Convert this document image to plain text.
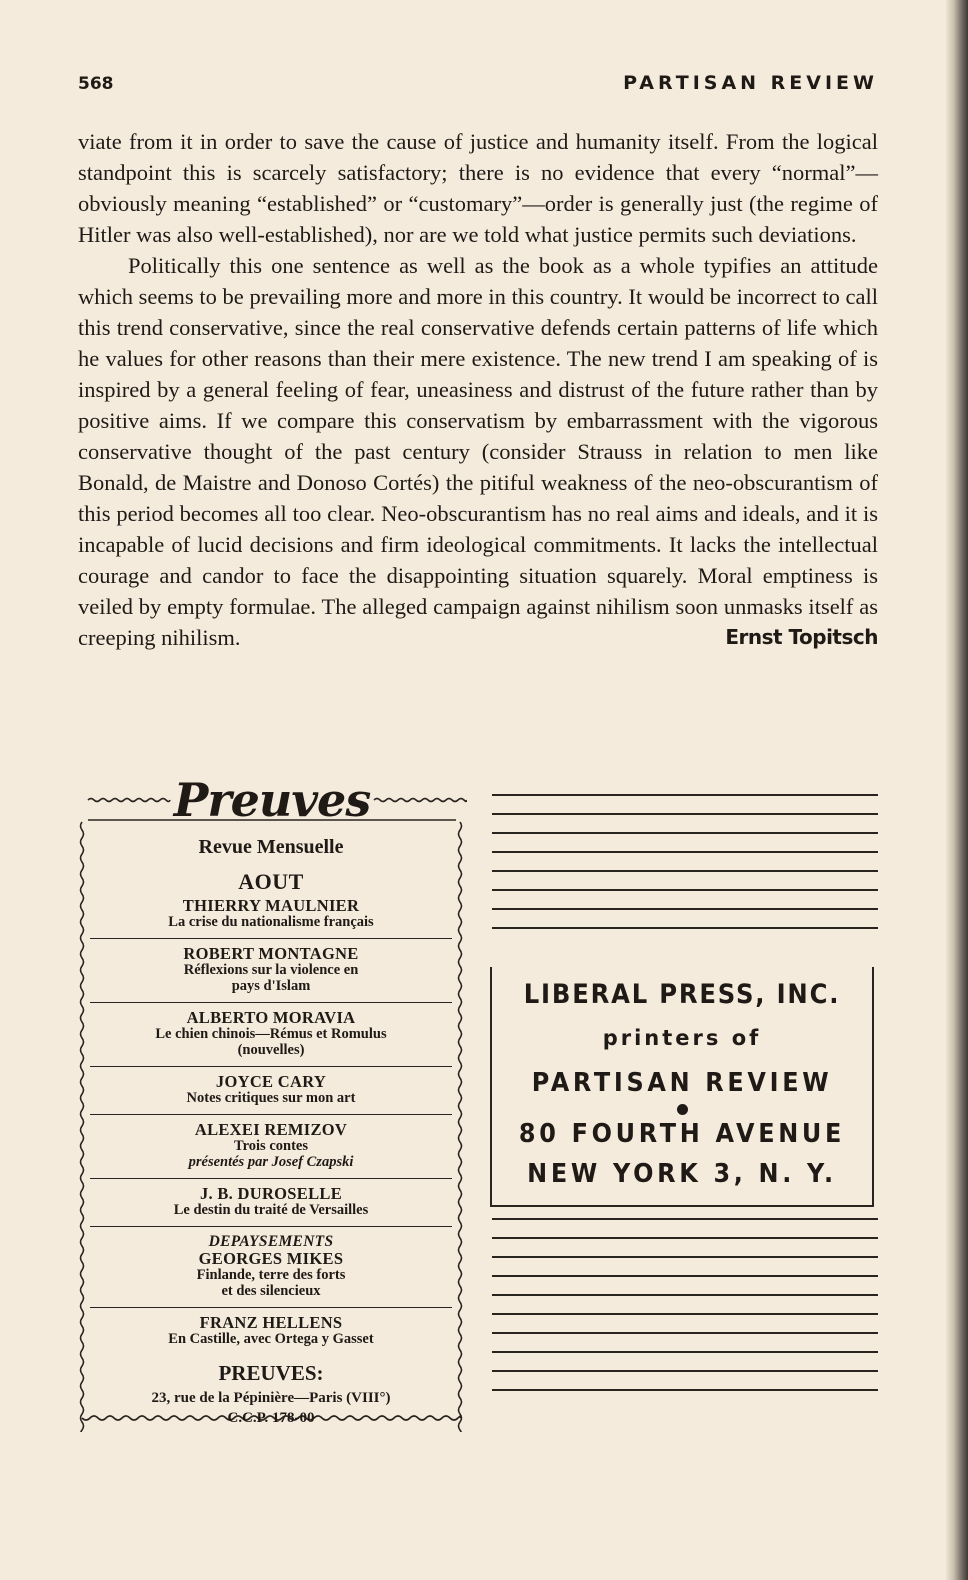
568	PARTISAN REVIEW

viate from it in order to save the cause of justice and humanity itself. From the logical standpoint this is scarcely satisfactory; there is no evidence that every “normal”—obviously meaning “established” or “customary”—order is generally just (the regime of Hitler was also well-established), nor are we told what justice permits such deviations.

Politically this one sentence as well as the book as a whole typifies an attitude which seems to be prevailing more and more in this country. It would be incorrect to call this trend conservative, since the real conservative defends certain patterns of life which he values for other reasons than their mere existence. The new trend I am speaking of is inspired by a general feeling of fear, uneasiness and distrust of the future rather than by positive aims. If we compare this conservatism by embarrassment with the vigorous conservative thought of the past century (consider Strauss in relation to men like Bonald, de Maistre and Donoso Cortés) the pitiful weakness of the neo-obscurantism of this period becomes all too clear. Neo-obscurantism has no real aims and ideals, and it is incapable of lucid decisions and firm ideological commitments. It lacks the intellectual courage and candor to face the disappointing situation squarely. Moral emptiness is veiled by empty formulae. The alleged campaign against nihilism soon unmasks itself as creeping nihilism.	Ernst Topitsch

Preuves
Revue Mensuelle
AOUT
THIERRY MAULNIER
La crise du nationalisme français
ROBERT MONTAGNE
Réflexions sur la violence en
pays d'Islam
ALBERTO MORAVIA
Le chien chinois—Rémus et Romulus
(nouvelles)
JOYCE CARY
Notes critiques sur mon art
ALEXEI REMIZOV
Trois contes
présentés par Josef Czapski
J. B. DUROSELLE
Le destin du traité de Versailles
DEPAYSEMENTS
GEORGES MIKES
Finlande, terre des forts
et des silencieux
FRANZ HELLENS
En Castille, avec Ortega y Gasset
PREUVES:
23, rue de la Pépinière—Paris (VIII°)
C.C.P. 178-00
LIBERAL PRESS, INC.
printers of
PARTISAN REVIEW
80 FOURTH AVENUE
NEW YORK 3, N. Y.
